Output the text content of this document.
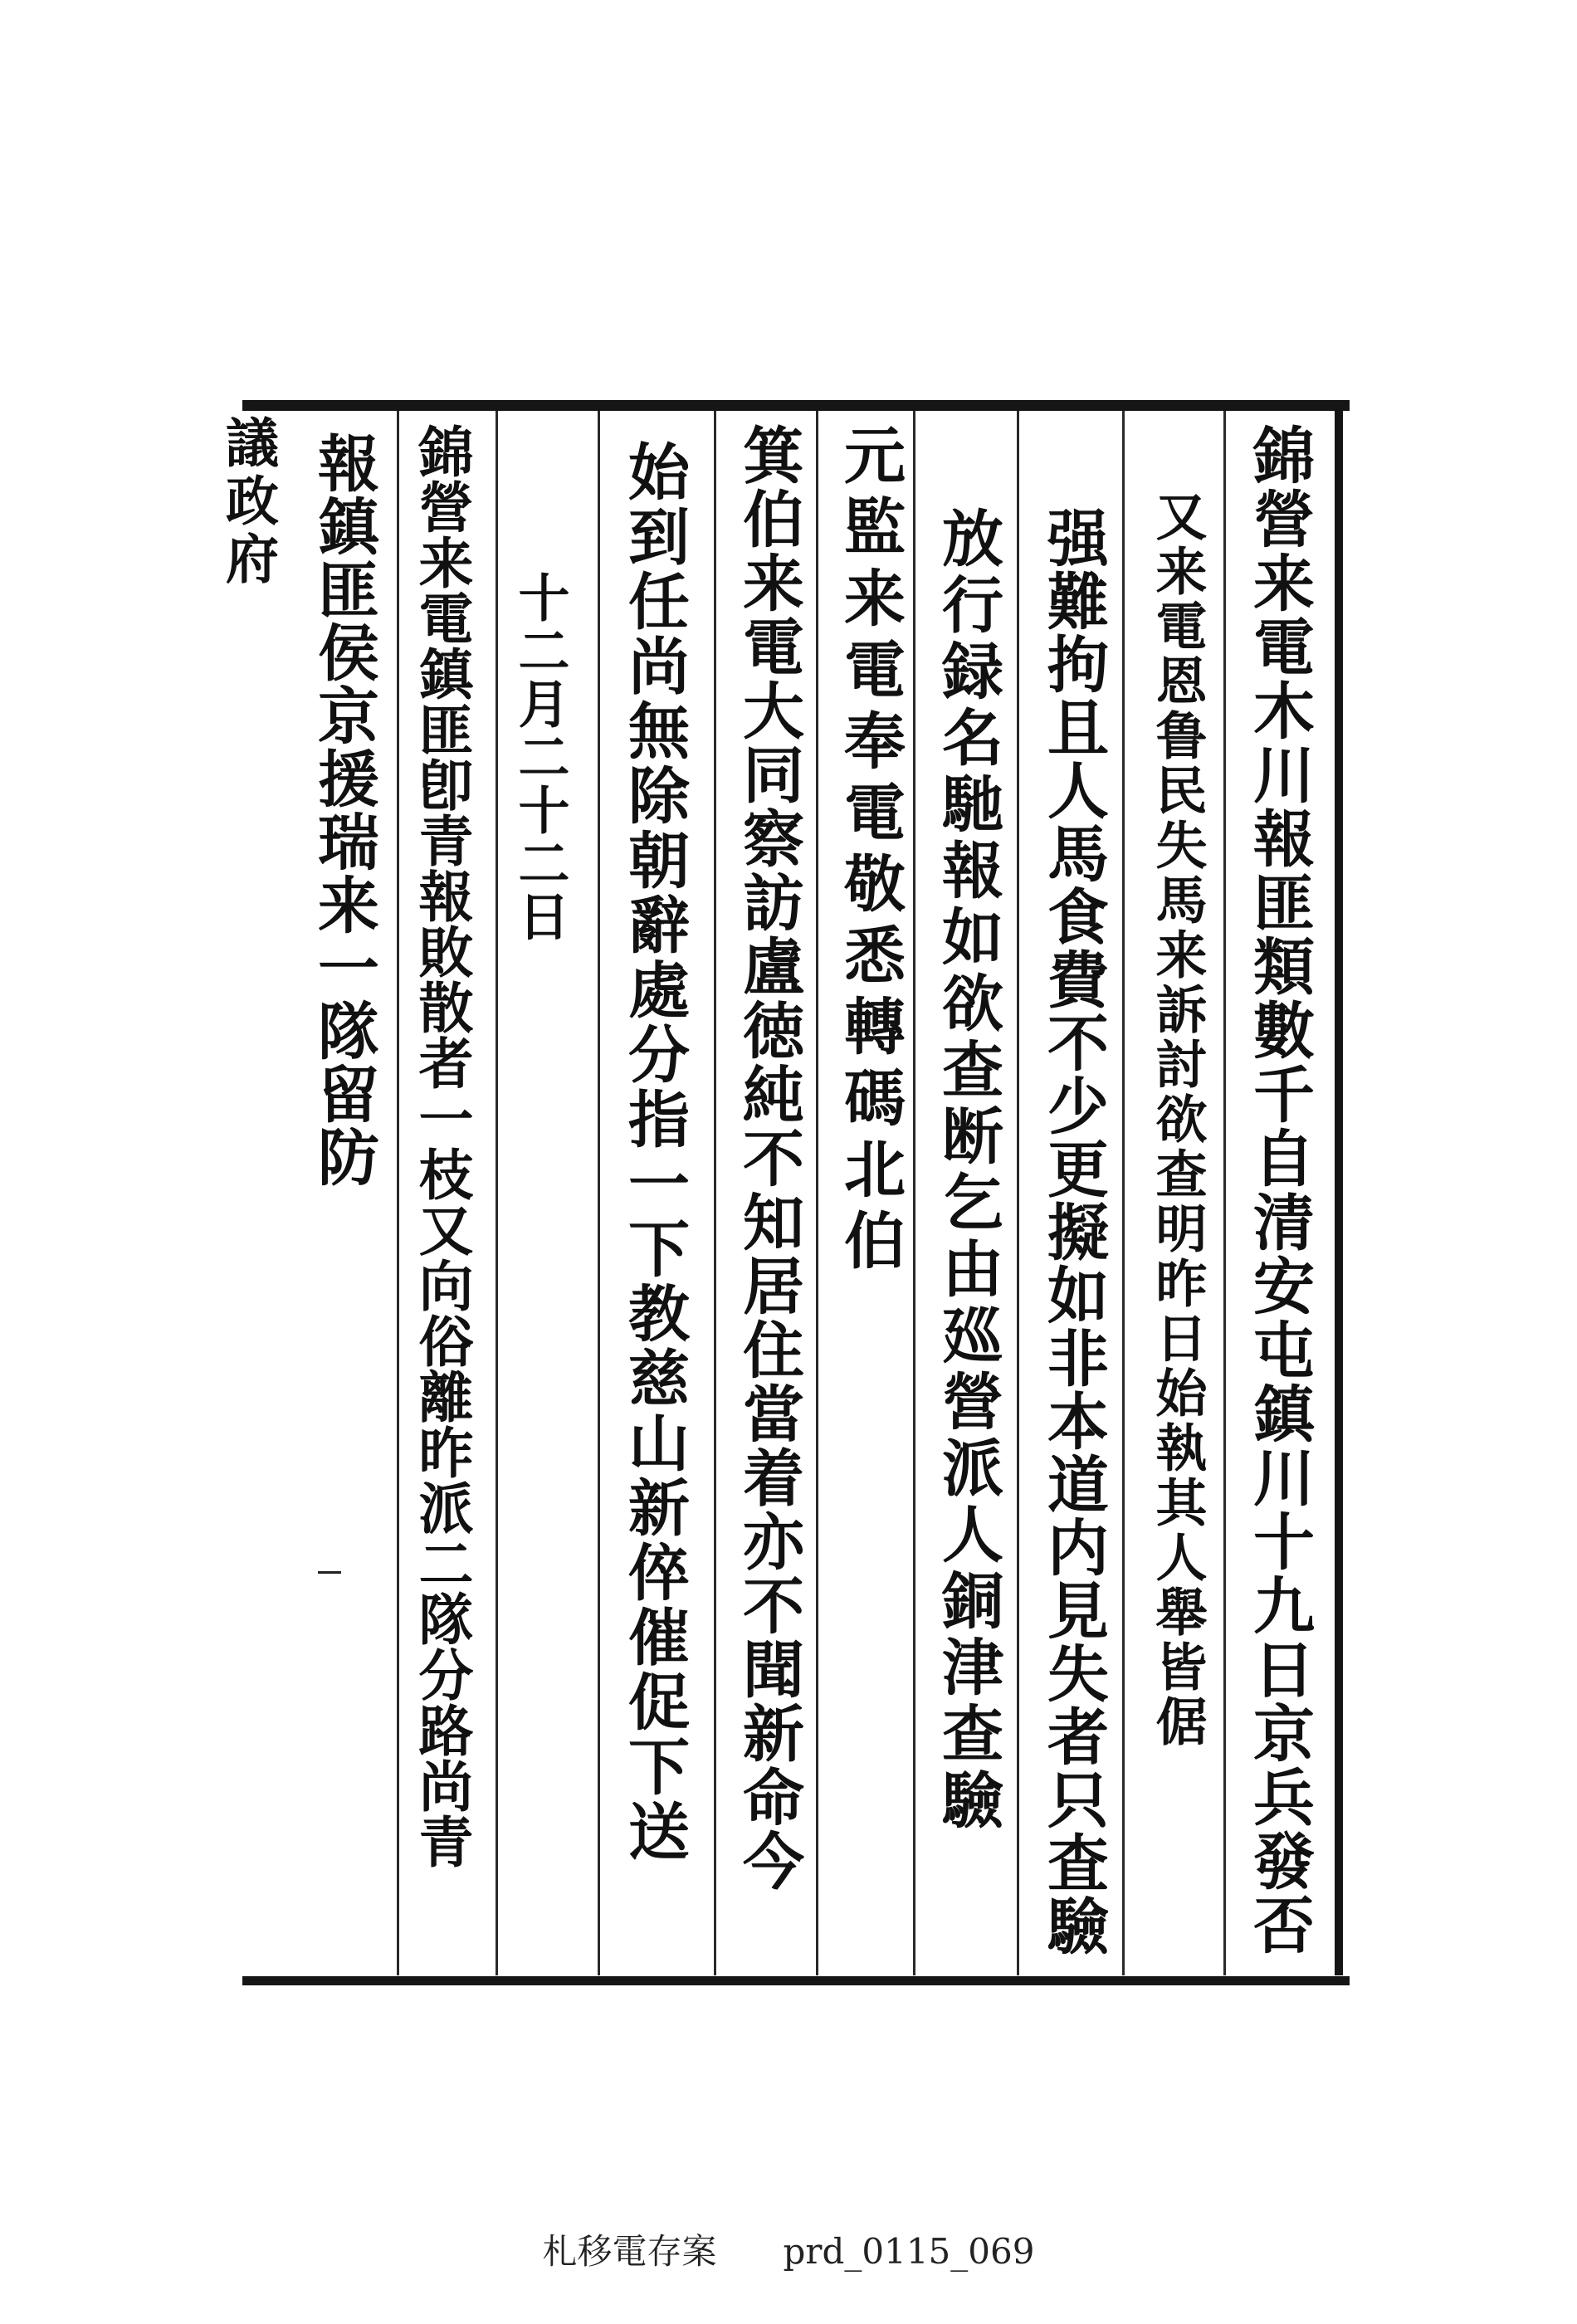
錦營来電木川報匪類數千自清安屯鎮川十九日京兵發否
又来電恩鲁民失馬来訴討欲查明昨日始執其人舉皆倨
强難拘且人馬食費不少更擬如非本道内見失者只査驗
放行録名馳報如欲查断乞由廵營派人銅津查驗
元監来電奉電敬悉轉碼北伯
箕伯来電大同察訪盧徳純不知居住當着亦不聞新命今
始到任尚無除朝辭處分指一下教慈山新倅催促下送
錦營来電鎮匪卽青報敗散者一枝又向俗離昨派二隊分路尚青
報鎮匪侯京援瑞来一隊留防	十二月二十二日
議政府
札移電存案 prd_0115_069
